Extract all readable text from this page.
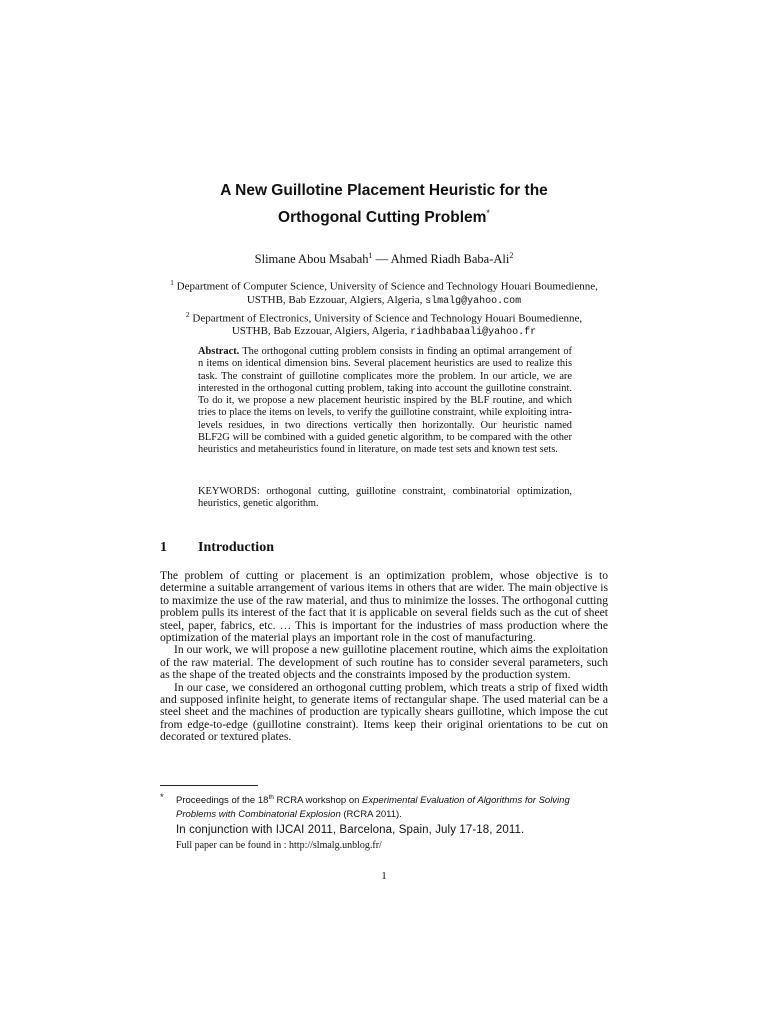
A New Guillotine Placement Heuristic for the
Orthogonal Cutting Problem*
Slimane Abou Msabah$^1$ — Ahmed Riadh Baba-Ali$^2$
$^1$ Department of Computer Science, University of Science and Technology Houari Boumedienne, USTHB, Bab Ezzouar, Algiers, Algeria, slmalg@yahoo.com
$^2$ Department of Electronics, University of Science and Technology Houari Boumedienne, USTHB, Bab Ezzouar, Algiers, Algeria, riadhbabaali@yahoo.fr
Abstract. The orthogonal cutting problem consists in finding an optimal arrangement of n items on identical dimension bins. Several placement heuristics are used to realize this task. The constraint of guillotine complicates more the problem. In our article, we are interested in the orthogonal cutting problem, taking into account the guillotine constraint. To do it, we propose a new placement heuristic inspired by the BLF routine, and which tries to place the items on levels, to verify the guillotine constraint, while exploiting intra-levels residues, in two directions vertically then horizontally. Our heuristic named BLF2G will be combined with a guided genetic algorithm, to be compared with the other heuristics and metaheuristics found in literature, on made test sets and known test sets.
KEYWORDS: orthogonal cutting, guillotine constraint, combinatorial optimization, heuristics, genetic algorithm.
1 Introduction

The problem of cutting or placement is an optimization problem, whose objective is to determine a suitable arrangement of various items in others that are wider. The main objective is to maximize the use of the raw material, and thus to minimize the losses. The orthogonal cutting problem pulls its interest of the fact that it is applicable on several fields such as the cut of sheet steel, paper, fabrics, etc. … This is important for the industries of mass production where the optimization of the material plays an important role in the cost of manufacturing.

In our work, we will propose a new guillotine placement routine, which aims the exploitation of the raw material. The development of such routine has to consider several parameters, such as the shape of the treated objects and the constraints imposed by the production system.

In our case, we considered an orthogonal cutting problem, which treats a strip of fixed width and supposed infinite height, to generate items of rectangular shape. The used material can be a steel sheet and the machines of production are typically shears guillotine, which impose the cut from edge-to-edge (guillotine constraint). Items keep their original orientations to be cut on decorated or textured plates.

*	Proceedings of the 18th RCRA workshop on Experimental Evaluation of Algorithms for Solving Problems with Combinatorial Explosion (RCRA 2011).
In conjunction with IJCAI 2011, Barcelona, Spain, July 17-18, 2011.
Full paper can be found in : http://slmalg.unblog.fr/
1
